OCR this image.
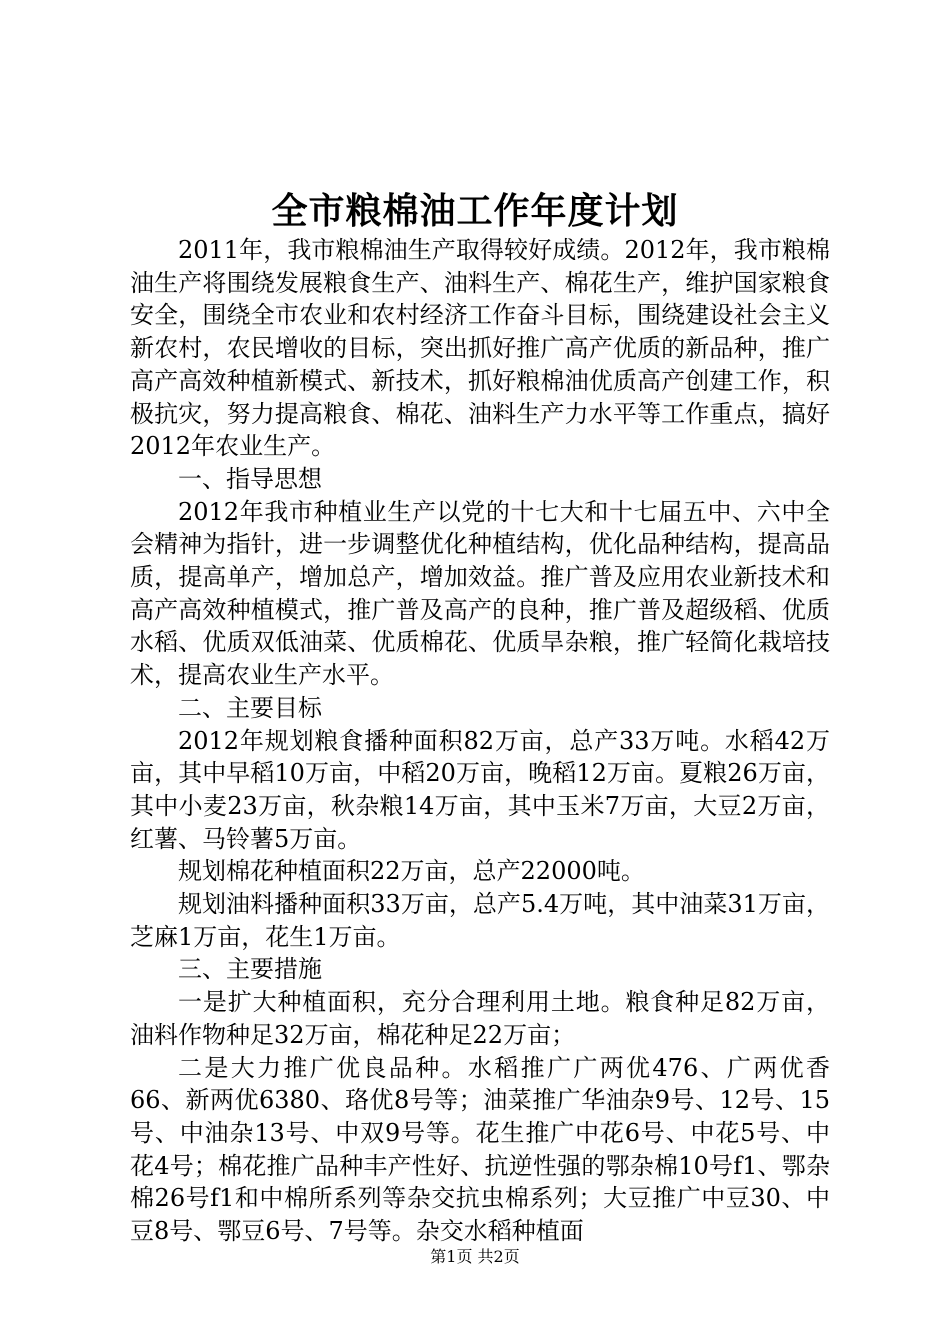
全市粮棉油工作年度计划

2011年，我市粮棉油生产取得较好成绩。2012年，我市粮棉油生产将围绕发展粮食生产、油料生产、棉花生产，维护国家粮食安全，围绕全市农业和农村经济工作奋斗目标，围绕建设社会主义新农村，农民增收的目标，突出抓好推广高产优质的新品种，推广高产高效种植新模式、新技术，抓好粮棉油优质高产创建工作，积极抗灾，努力提高粮食、棉花、油料生产力水平等工作重点，搞好2012年农业生产。

一、指导思想

2012年我市种植业生产以党的十七大和十七届五中、六中全会精神为指针，进一步调整优化种植结构，优化品种结构，提高品质，提高单产，增加总产，增加效益。推广普及应用农业新技术和高产高效种植模式，推广普及高产的良种，推广普及超级稻、优质水稻、优质双低油菜、优质棉花、优质旱杂粮，推广轻简化栽培技术，提高农业生产水平。

二、主要目标

2012年规划粮食播种面积82万亩，总产33万吨。水稻42万亩，其中早稻10万亩，中稻20万亩，晚稻12万亩。夏粮26万亩，其中小麦23万亩，秋杂粮14万亩，其中玉米7万亩，大豆2万亩，红薯、马铃薯5万亩。

规划棉花种植面积22万亩，总产22000吨。

规划油料播种面积33万亩，总产5.4万吨，其中油菜31万亩，芝麻1万亩，花生1万亩。

三、主要措施

一是扩大种植面积，充分合理利用土地。粮食种足82万亩，油料作物种足32万亩，棉花种足22万亩；

二是大力推广优良品种。水稻推广广两优476、广两优香66、新两优6380、珞优8号等；油菜推广华油杂9号、12号、15号、中油杂13号、中双9号等。花生推广中花6号、中花5号、中花4号；棉花推广品种丰产性好、抗逆性强的鄂杂棉10号f1、鄂杂棉26号f1和中棉所系列等杂交抗虫棉系列；大豆推广中豆30、中豆8号、鄂豆6号、7号等。杂交水稻种植面

第1页 共2页
